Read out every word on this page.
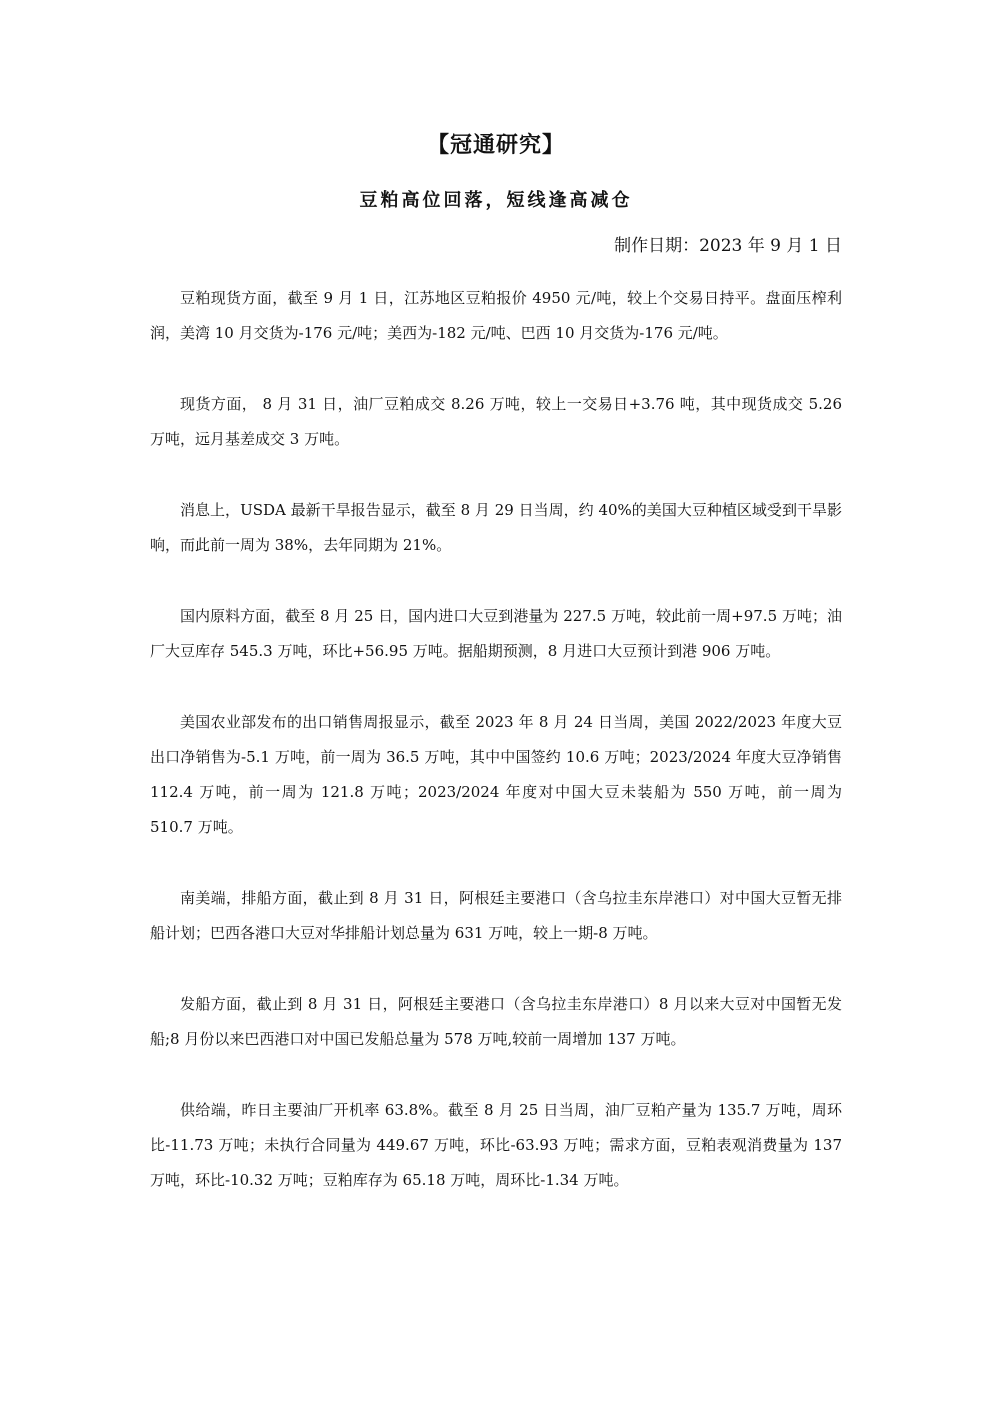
【冠通研究】
豆粕高位回落，短线逢高减仓
制作日期：2023 年 9 月 1 日

豆粕现货方面，截至 9 月 1 日，江苏地区豆粕报价 4950 元/吨，较上个交易日持平。盘面压榨利润，美湾 10 月交货为-176 元/吨；美西为-182 元/吨、巴西 10 月交货为-176 元/吨。

现货方面， 8 月 31 日，油厂豆粕成交 8.26 万吨，较上一交易日+3.76 吨，其中现货成交 5.26 万吨，远月基差成交 3 万吨。

消息上，USDA 最新干旱报告显示，截至 8 月 29 日当周，约 40%的美国大豆种植区域受到干旱影响，而此前一周为 38%，去年同期为 21%。

国内原料方面，截至 8 月 25 日，国内进口大豆到港量为 227.5 万吨，较此前一周+97.5 万吨；油厂大豆库存 545.3 万吨，环比+56.95 万吨。据船期预测，8 月进口大豆预计到港 906 万吨。

美国农业部发布的出口销售周报显示，截至 2023 年 8 月 24 日当周，美国 2022/2023 年度大豆出口净销售为-5.1 万吨，前一周为 36.5 万吨，其中中国签约 10.6 万吨；2023/2024 年度大豆净销售 112.4 万吨，前一周为 121.8 万吨；2023/2024 年度对中国大豆未装船为 550 万吨，前一周为 510.7 万吨。

南美端，排船方面，截止到 8 月 31 日，阿根廷主要港口（含乌拉圭东岸港口）对中国大豆暂无排船计划；巴西各港口大豆对华排船计划总量为 631 万吨，较上一期-8 万吨。

发船方面，截止到 8 月 31 日，阿根廷主要港口（含乌拉圭东岸港口）8 月以来大豆对中国暂无发船;8 月份以来巴西港口对中国已发船总量为 578 万吨,较前一周增加 137 万吨。

供给端，昨日主要油厂开机率 63.8%。截至 8 月 25 日当周，油厂豆粕产量为 135.7 万吨，周环比-11.73 万吨；未执行合同量为 449.67 万吨，环比-63.93 万吨；需求方面，豆粕表观消费量为 137 万吨，环比-10.32 万吨；豆粕库存为 65.18 万吨，周环比-1.34 万吨。
